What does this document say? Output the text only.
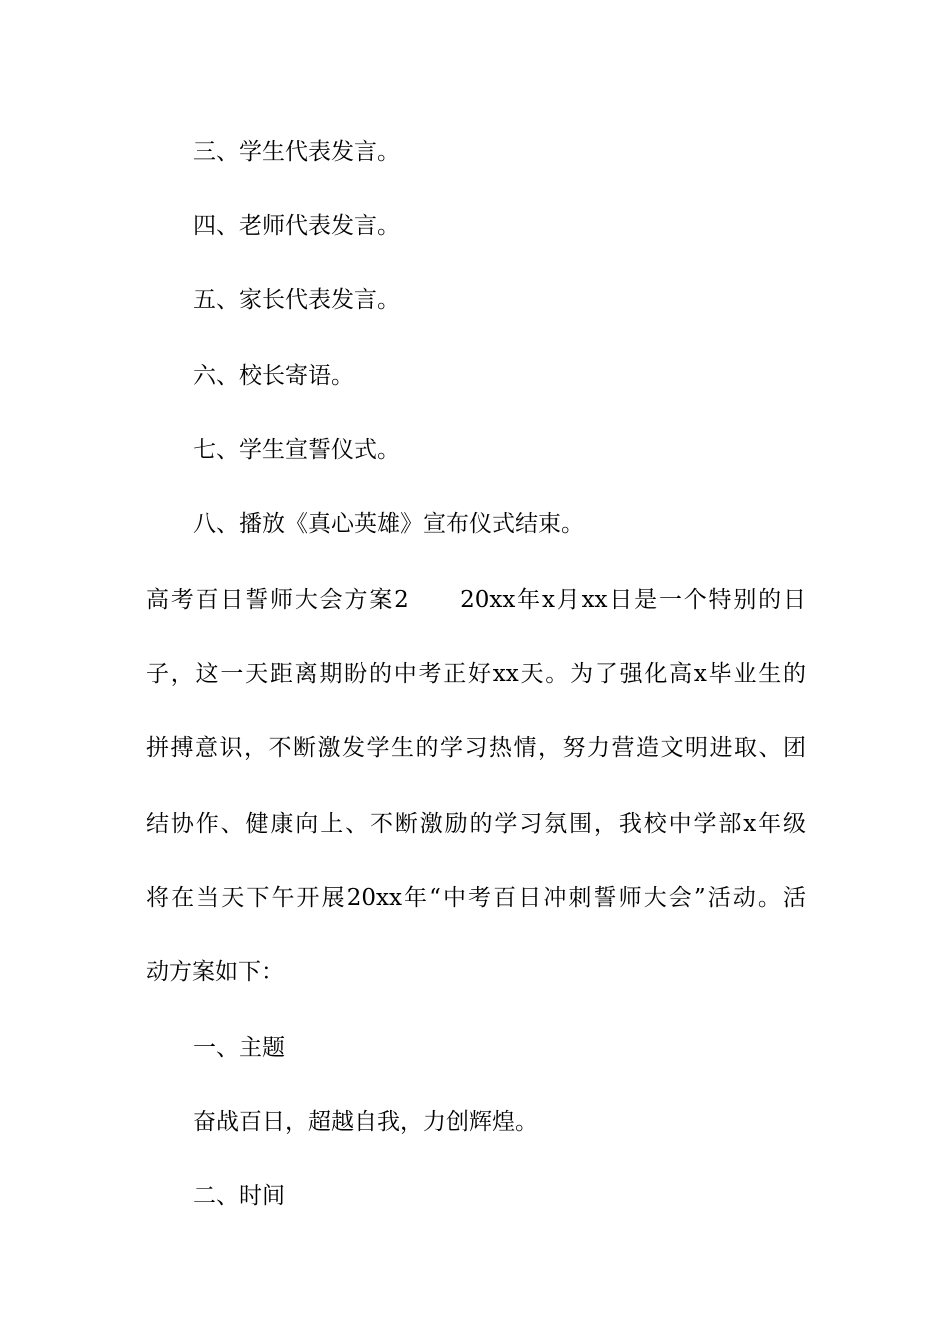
三、学生代表发言。
四、老师代表发言。
五、家长代表发言。
六、校长寄语。
七、学生宣誓仪式。
八、播放《真心英雄》宣布仪式结束。
高考百日誓师大会方案2　　20xx年x月xx日是一个特别的日
子，这一天距离期盼的中考正好xx天。为了强化高x毕业生的
拼搏意识，不断激发学生的学习热情，努力营造文明进取、团
结协作、健康向上、不断激励的学习氛围，我校中学部x年级
将在当天下午开展20xx年“中考百日冲刺誓师大会”活动。活
动方案如下：
一、主题
奋战百日，超越自我，力创辉煌。
二、时间
